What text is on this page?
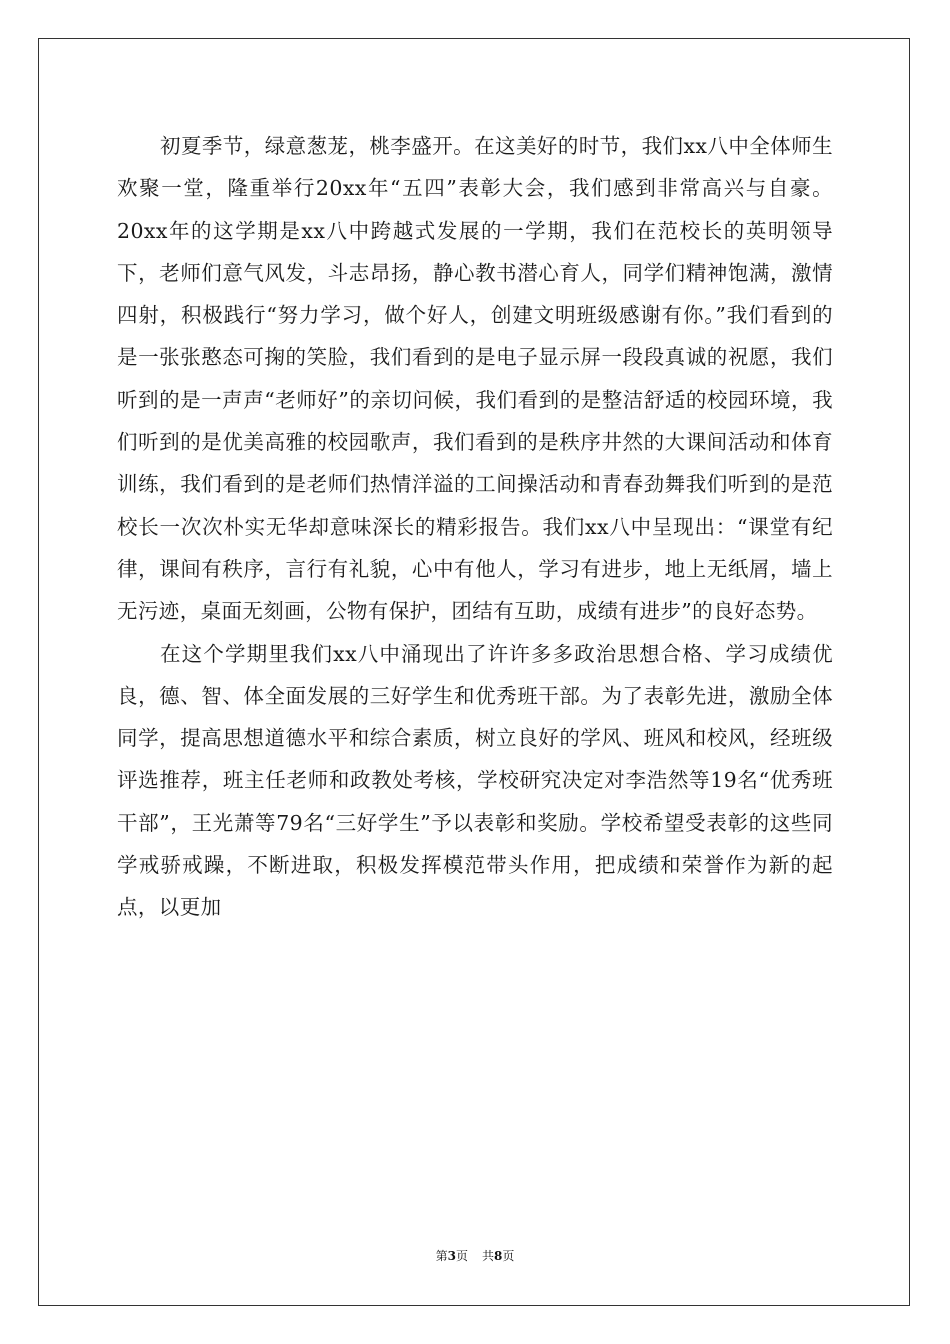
初夏季节，绿意葱茏，桃李盛开。在这美好的时节，我们xx八中全体师生欢聚一堂，隆重举行20xx年“五四”表彰大会，我们感到非常高兴与自豪。20xx年的这学期是xx八中跨越式发展的一学期，我们在范校长的英明领导下，老师们意气风发，斗志昂扬，静心教书潜心育人，同学们精神饱满，激情四射，积极践行“努力学习，做个好人，创建文明班级感谢有你。”我们看到的是一张张憨态可掬的笑脸，我们看到的是电子显示屏一段段真诚的祝愿，我们听到的是一声声“老师好”的亲切问候，我们看到的是整洁舒适的校园环境，我们听到的是优美高雅的校园歌声，我们看到的是秩序井然的大课间活动和体育训练，我们看到的是老师们热情洋溢的工间操活动和青春劲舞我们听到的是范校长一次次朴实无华却意味深长的精彩报告。我们xx八中呈现出：“课堂有纪律，课间有秩序，言行有礼貌，心中有他人，学习有进步，地上无纸屑，墙上无污迹，桌面无刻画，公物有保护，团结有互助，成绩有进步”的良好态势。

在这个学期里我们xx八中涌现出了许许多多政治思想合格、学习成绩优良，德、智、体全面发展的三好学生和优秀班干部。为了表彰先进，激励全体同学，提高思想道德水平和综合素质，树立良好的学风、班风和校风，经班级评选推荐，班主任老师和政教处考核，学校研究决定对李浩然等19名“优秀班干部”，王光萧等79名“三好学生”予以表彰和奖励。学校希望受表彰的这些同学戒骄戒躁，不断进取，积极发挥模范带头作用，把成绩和荣誉作为新的起点，以更加

第3页 共8页
